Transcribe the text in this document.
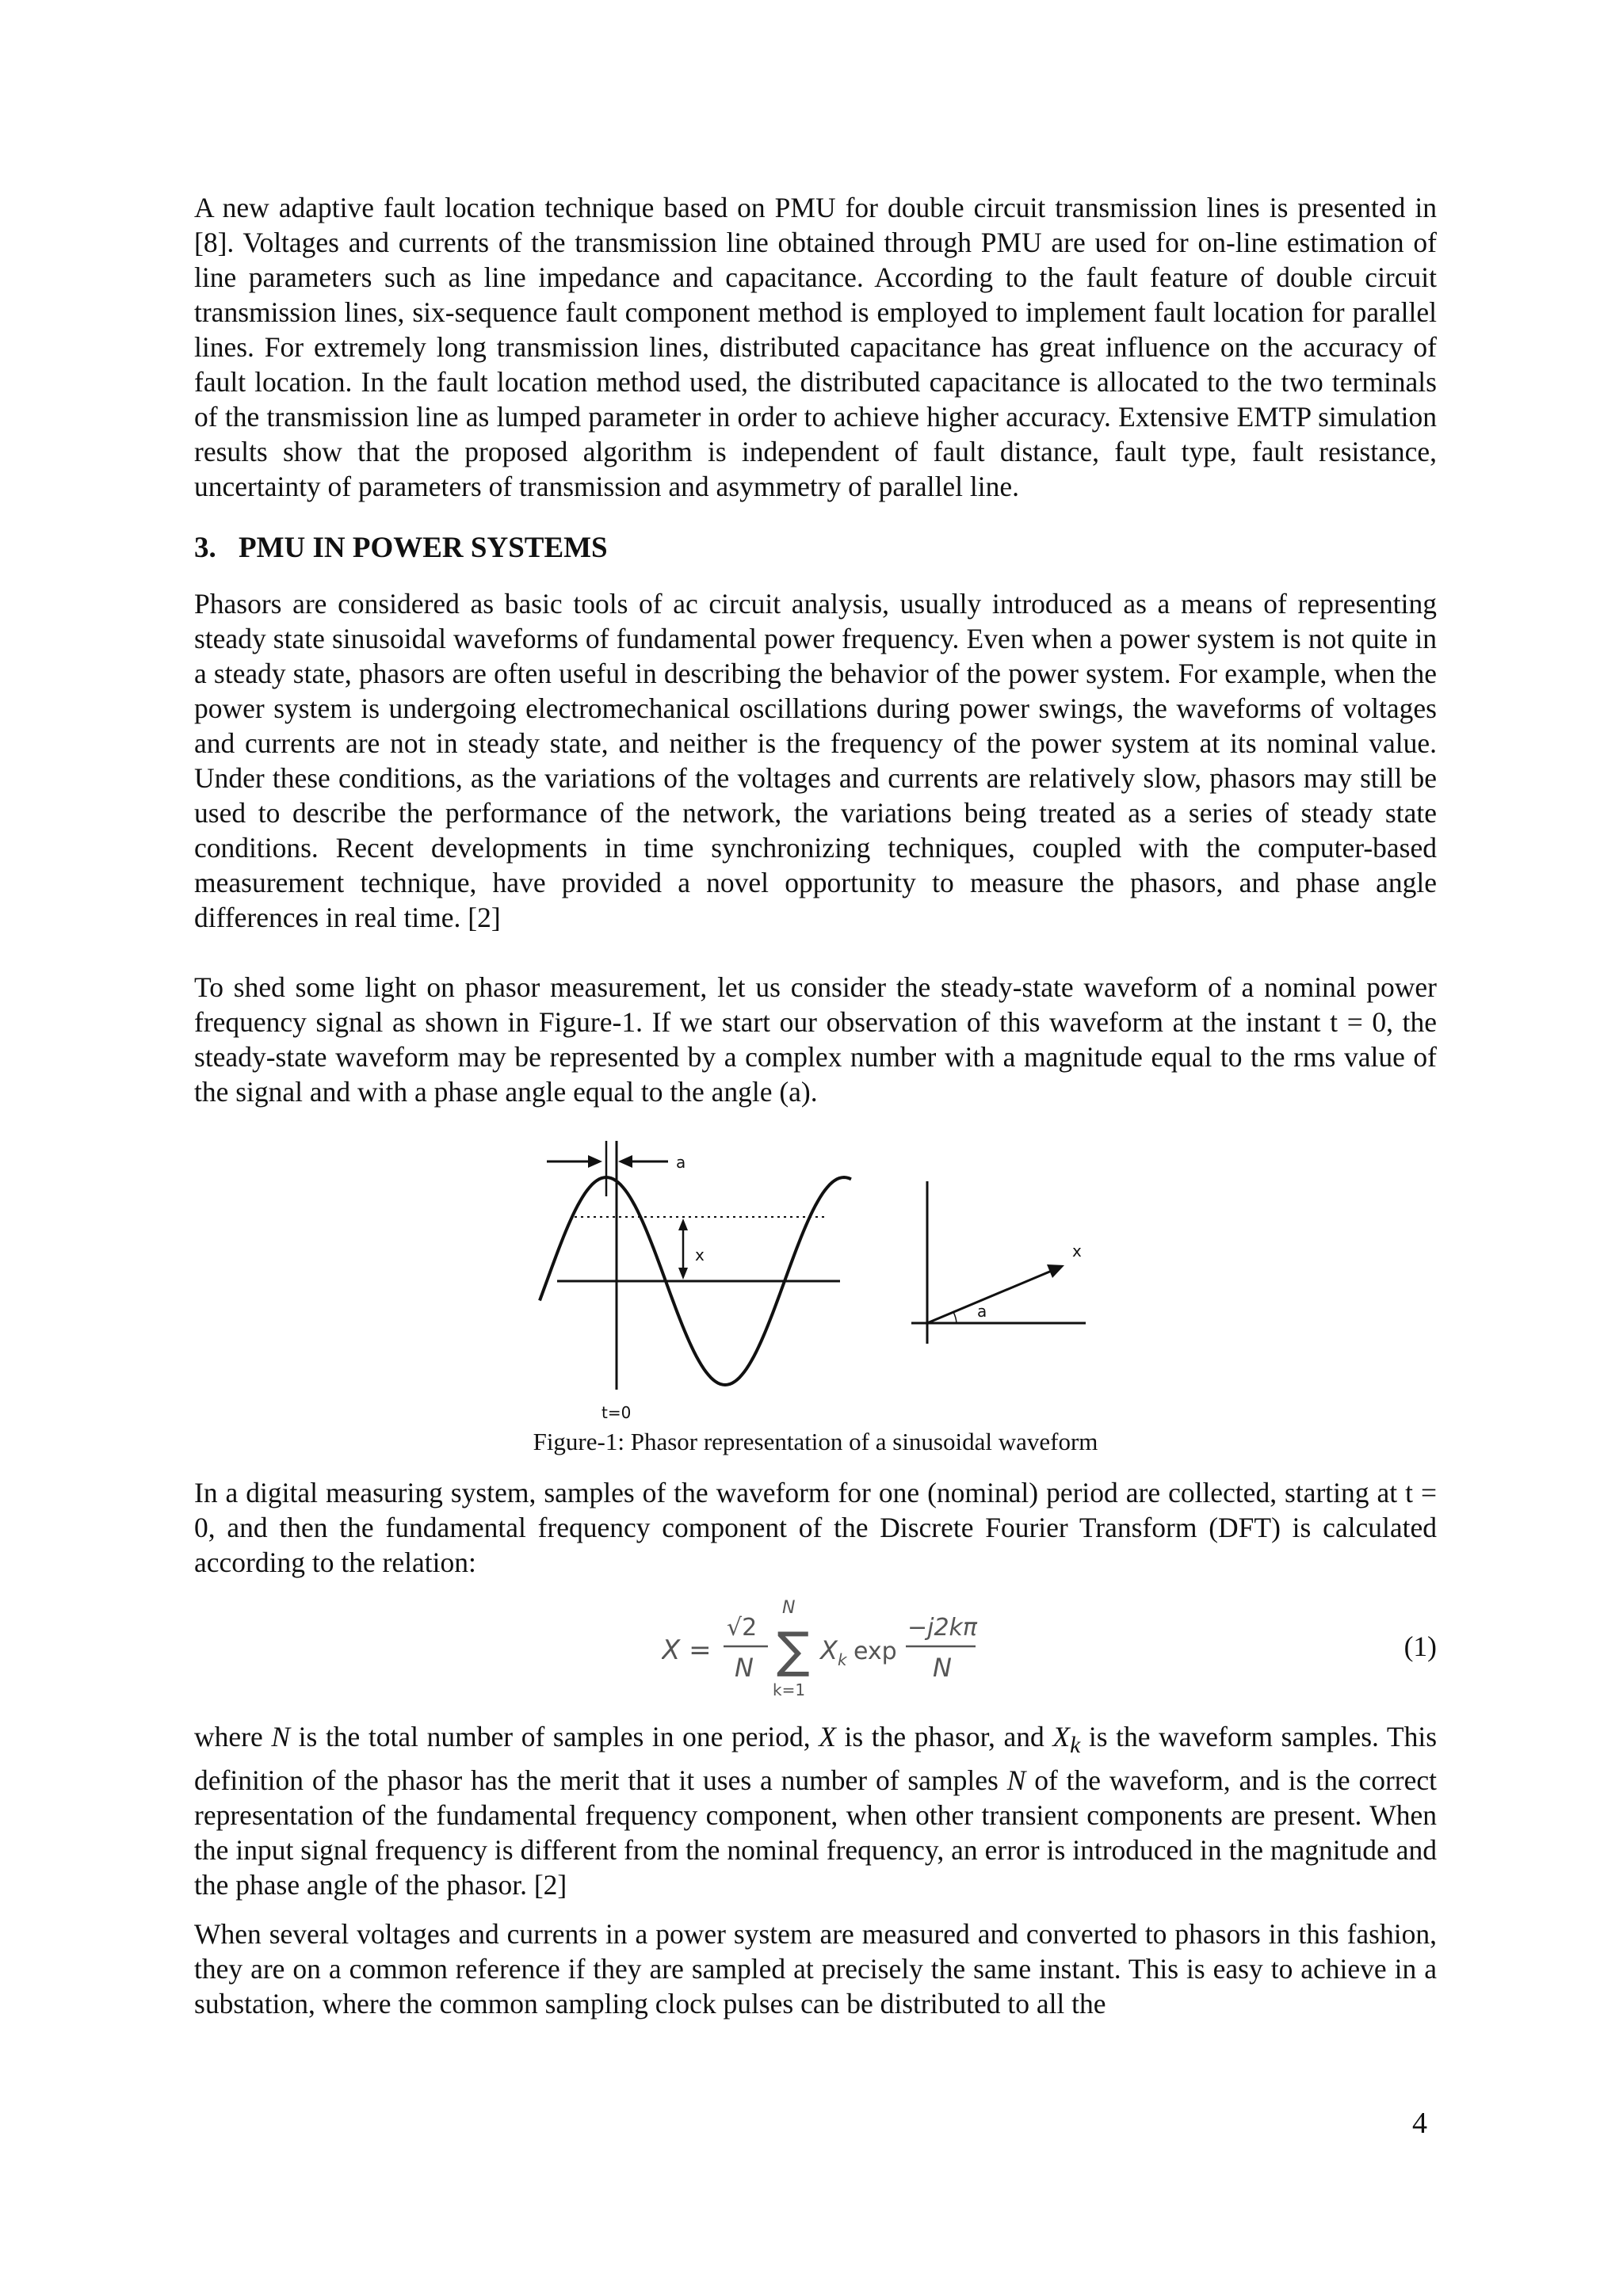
A new adaptive fault location technique based on PMU for double circuit transmission lines is presented in [8]. Voltages and currents of the transmission line obtained through PMU are used for on-line estimation of line parameters such as line impedance and capacitance. According to the fault feature of double circuit transmission lines, six-sequence fault component method is employed to implement fault location for parallel lines. For extremely long transmission lines, distributed capacitance has great influence on the accuracy of fault location. In the fault location method used, the distributed capacitance is allocated to the two terminals of the transmission line as lumped parameter in order to achieve higher accuracy. Extensive EMTP simulation results show that the proposed algorithm is independent of fault distance, fault type, fault resistance, uncertainty of parameters of transmission and asymmetry of parallel line.

3. PMU IN POWER SYSTEMS

Phasors are considered as basic tools of ac circuit analysis, usually introduced as a means of representing steady state sinusoidal waveforms of fundamental power frequency. Even when a power system is not quite in a steady state, phasors are often useful in describing the behavior of the power system. For example, when the power system is undergoing electromechanical oscillations during power swings, the waveforms of voltages and currents are not in steady state, and neither is the frequency of the power system at its nominal value. Under these conditions, as the variations of the voltages and currents are relatively slow, phasors may still be used to describe the performance of the network, the variations being treated as a series of steady state conditions. Recent developments in time synchronizing techniques, coupled with the computer-based measurement technique, have provided a novel opportunity to measure the phasors, and phase angle differences in real time. [2]

To shed some light on phasor measurement, let us consider the steady-state waveform of a nominal power frequency signal as shown in Figure-1. If we start our observation of this waveform at the instant t = 0, the steady-state waveform may be represented by a complex number with a magnitude equal to the rms value of the signal and with a phase angle equal to the angle (a).

a
x
t=0
x
a
Figure-1: Phasor representation of a sinusoidal waveform

In a digital measuring system, samples of the waveform for one (nominal) period are collected, starting at t = 0, and then the fundamental frequency component of the Discrete Fourier Transform (DFT) is calculated according to the relation:

X =
√2
N
N
∑
k=1
X k exp
−j2kπ
N
(1)

where N is the total number of samples in one period, X is the phasor, and $X_k$ is the waveform samples. This definition of the phasor has the merit that it uses a number of samples N of the waveform, and is the correct representation of the fundamental frequency component, when other transient components are present. When the input signal frequency is different from the nominal frequency, an error is introduced in the magnitude and the phase angle of the phasor. [2]

When several voltages and currents in a power system are measured and converted to phasors in this fashion, they are on a common reference if they are sampled at precisely the same instant. This is easy to achieve in a substation, where the common sampling clock pulses can be distributed to all the

4
